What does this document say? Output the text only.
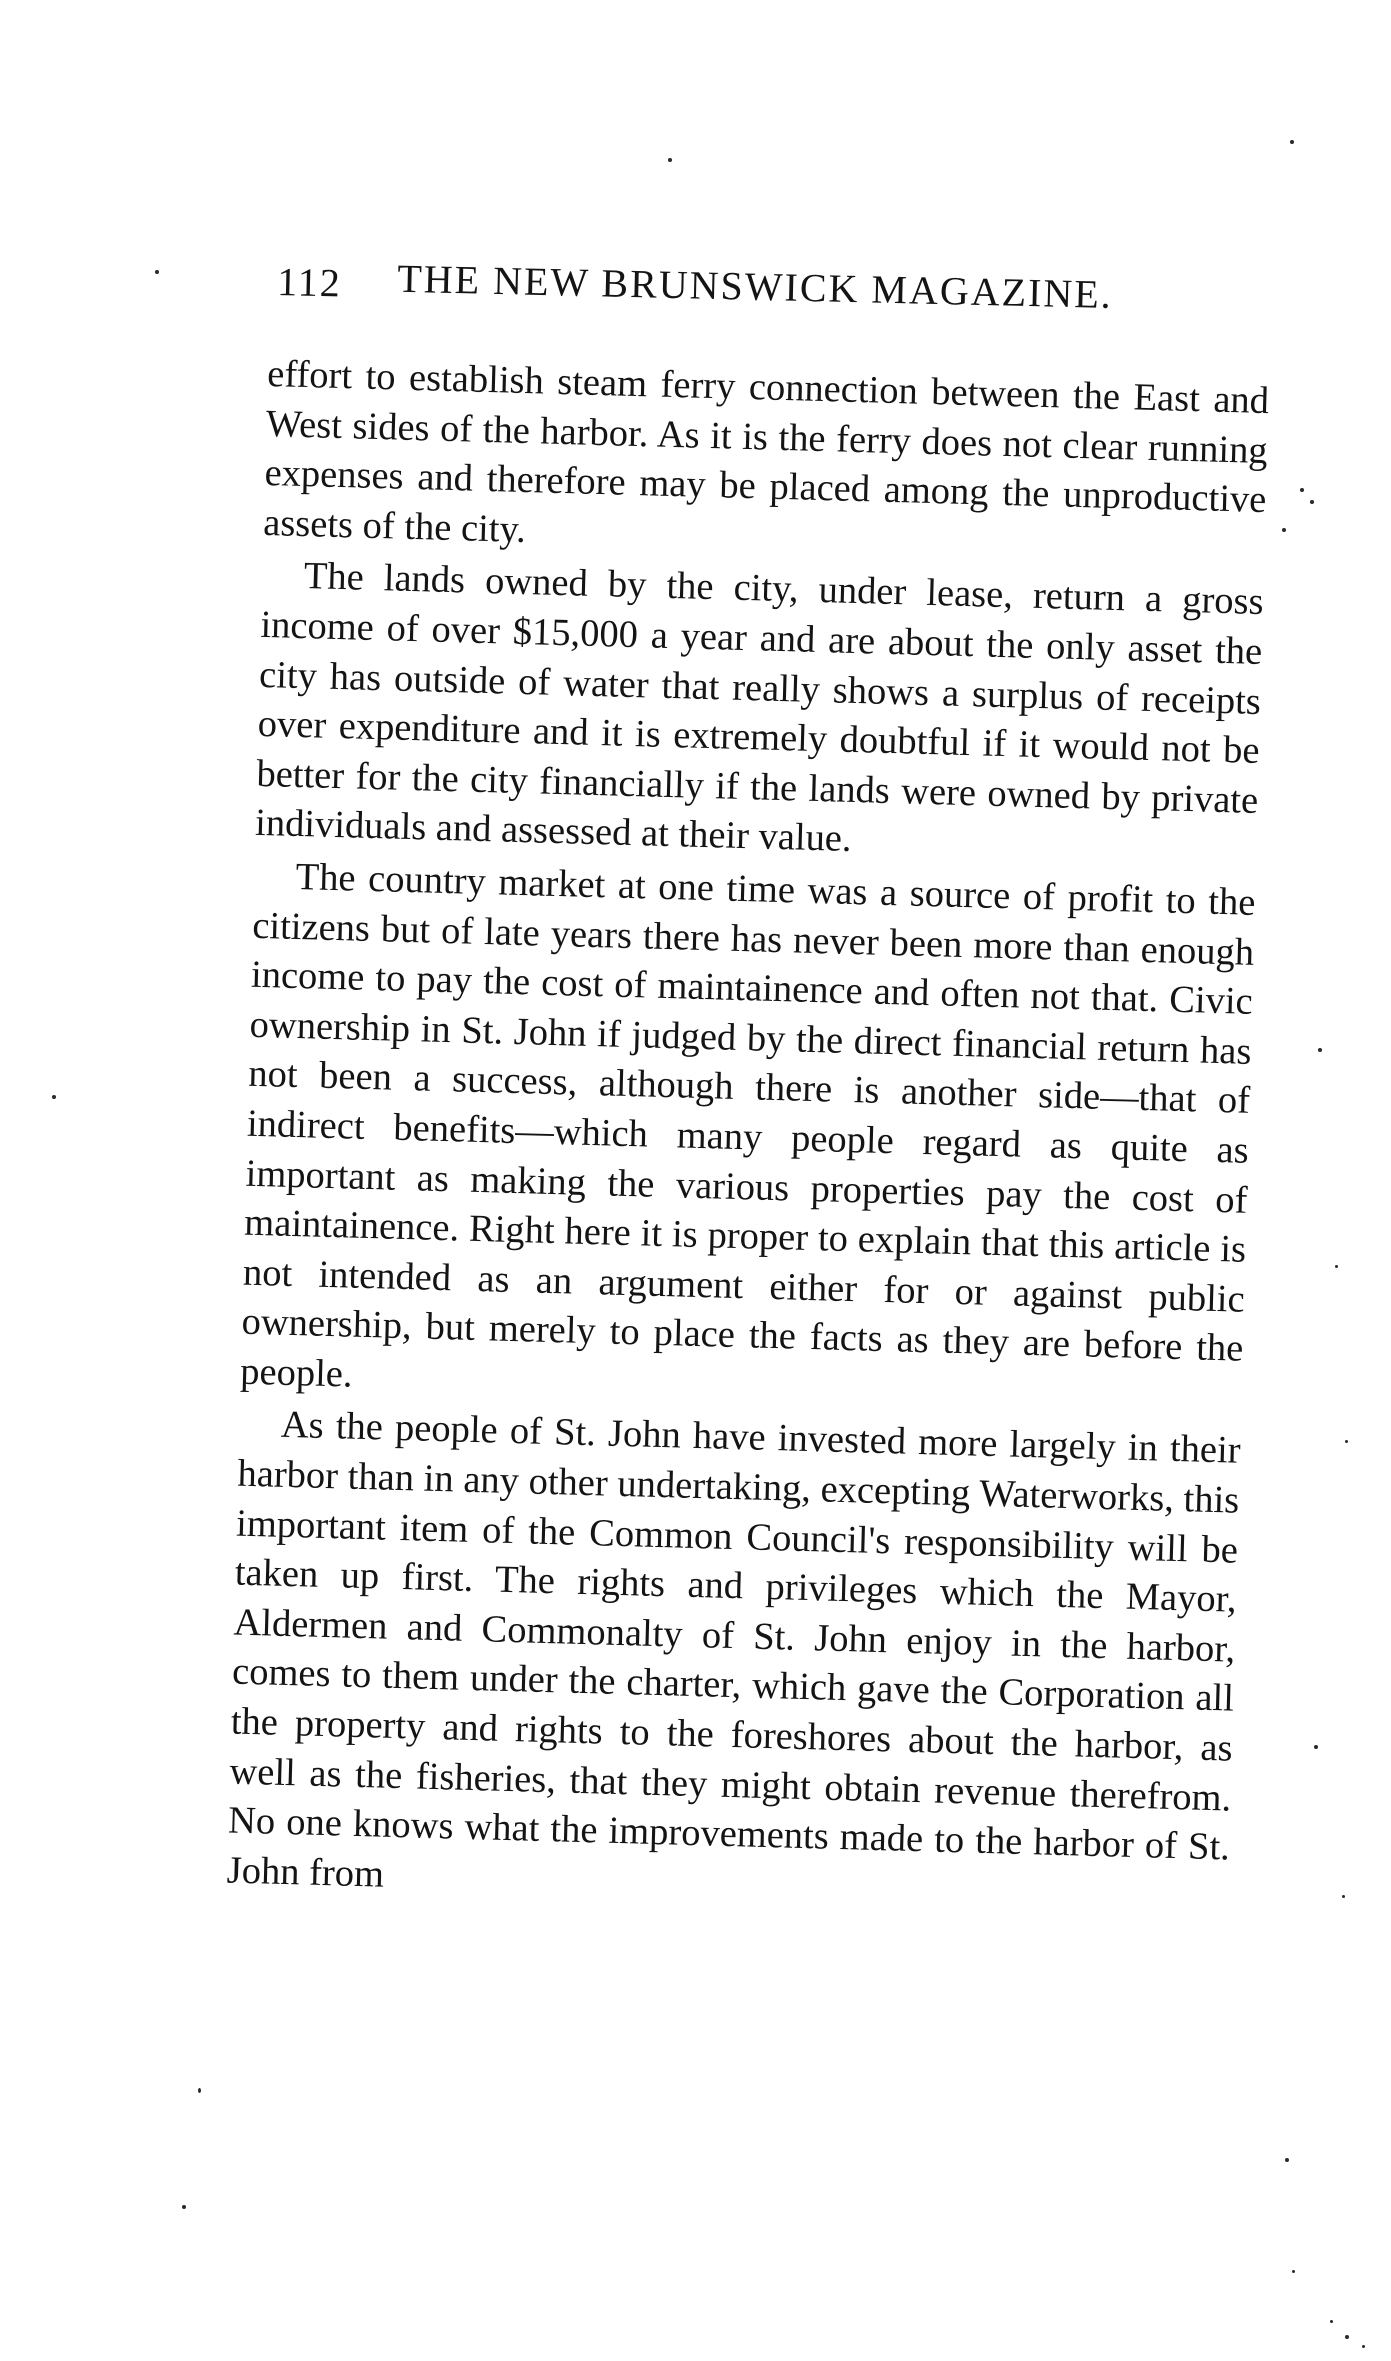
112 THE NEW BRUNSWICK MAGAZINE.

effort to establish steam ferry connection between the East and West sides of the harbor. As it is the ferry does not clear running expenses and therefore may be placed among the unproductive assets of the city.

The lands owned by the city, under lease, return a gross income of over $15,000 a year and are about the only asset the city has outside of water that really shows a surplus of receipts over expenditure and it is extremely doubtful if it would not be better for the city financially if the lands were owned by private individuals and assessed at their value.

The country market at one time was a source of profit to the citizens but of late years there has never been more than enough income to pay the cost of maintainence and often not that. Civic ownership in St. John if judged by the direct financial return has not been a success, although there is another side—that of indirect benefits—which many people regard as quite as important as making the various properties pay the cost of maintainence. Right here it is proper to explain that this article is not intended as an argument either for or against public ownership, but merely to place the facts as they are before the people.

As the people of St. John have invested more largely in their harbor than in any other undertaking, excepting Waterworks, this important item of the Common Council's responsibility will be taken up first. The rights and privileges which the Mayor, Aldermen and Commonalty of St. John enjoy in the harbor, comes to them under the charter, which gave the Corporation all the property and rights to the foreshores about the harbor, as well as the fisheries, that they might obtain revenue therefrom. No one knows what the improvements made to the harbor of St. John from
